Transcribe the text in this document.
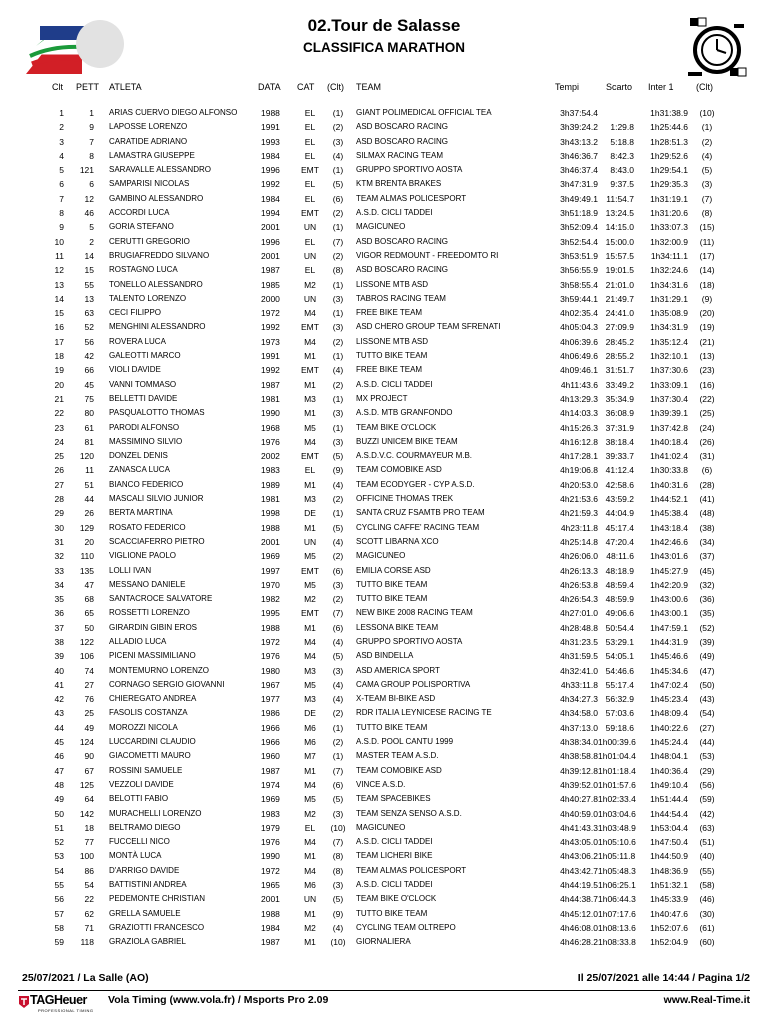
02.Tour de Salasse
CLASSIFICA MARATHON
Clt PETT ATLETA	DATA CAT (Clt) TEAM	Tempi	Scarto Inter 1 (Clt)
1	1 ARIAS CUERVO DIEGO ALFONSO	1988	EL	(1)	GIANT POLIMEDICAL OFFICIAL TEA	3h37:54.4	1h31:38.9	(10)
2	9 LAPOSSE LORENZO	1991	EL	(2)	ASD BOSCARO RACING	3h39:24.2	1:29.8	1h25:44.6	(1)
3	7 CARATIDE ADRIANO	1993	EL	(3)	ASD BOSCARO RACING	3h43:13.2	5:18.8	1h28:51.3	(2)
4	8 LAMASTRA GIUSEPPE	1984	EL	(4)	SILMAX RACING TEAM	3h46:36.7	8:42.3	1h29:52.6	(4)
5	121 SARAVALLE ALESSANDRO	1996	EMT	(1)	GRUPPO SPORTIVO AOSTA	3h46:37.4	8:43.0	1h29:54.1	(5)
6	6 SAMPARISI NICOLAS	1992	EL	(5)	KTM BRENTA BRAKES	3h47:31.9	9:37.5	1h29:35.3	(3)
7	12 GAMBINO ALESSANDRO	1984	EL	(6)	TEAM ALMAS POLICESPORT	3h49:49.1 11:54.7	1h31:19.1	(7)
8	46 ACCORDI LUCA	1994	EMT	(2)	A.S.D. CICLI TADDEI	3h51:18.9 13:24.5	1h31:20.6	(8)
9	5 GORIA STEFANO	2001	UN	(1)	MAGICUNEO	3h52:09.4 14:15.0	1h33:07.3	(15)
10	2 CERUTTI GREGORIO	1996	EL	(7)	ASD BOSCARO RACING	3h52:54.4 15:00.0	1h32:00.9	(11)
11	14 BRUGIAFREDDO SILVANO	2001	UN	(2)	VIGOR REDMOUNT - FREEDOMTO RI	3h53:51.9 15:57.5	1h34:11.1	(17)
12	15 ROSTAGNO LUCA	1987	EL	(8)	ASD BOSCARO RACING	3h56:55.9 19:01.5	1h32:24.6	(14)
13	55 TONELLO ALESSANDRO	1985	M2	(1)	LISSONE MTB ASD	3h58:55.4 21:01.0	1h34:31.6	(18)
14	13 TALENTO LORENZO	2000	UN	(3)	TABROS RACING TEAM	3h59:44.1 21:49.7	1h31:29.1	(9)
15	63 CECI FILIPPO	1972	M4	(1)	FREE BIKE TEAM	4h02:35.4 24:41.0	1h35:08.9	(20)
16	52 MENGHINI ALESSANDRO	1992	EMT	(3)	ASD CHERO GROUP TEAM SFRENATI	4h05:04.3 27:09.9	1h34:31.9	(19)
17	56 ROVERA LUCA	1973	M4	(2)	LISSONE MTB ASD	4h06:39.6 28:45.2	1h35:12.4	(21)
18	42 GALEOTTI MARCO	1991	M1	(1)	TUTTO BIKE TEAM	4h06:49.6 28:55.2	1h32:10.1	(13)
19	66 VIOLI DAVIDE	1992	EMT	(4)	FREE BIKE TEAM	4h09:46.1 31:51.7	1h37:30.6	(23)
20	45 VANNI TOMMASO	1987	M1	(2)	A.S.D. CICLI TADDEI	4h11:43.6 33:49.2	1h33:09.1	(16)
21	75 BELLETTI DAVIDE	1981	M3	(1)	MX PROJECT	4h13:29.3 35:34.9	1h37:30.4	(22)
22	80 PASQUALOTTO THOMAS	1990	M1	(3)	A.S.D. MTB GRANFONDO	4h14:03.3 36:08.9	1h39:39.1	(25)
23	61 PARODI ALFONSO	1968	M5	(1)	TEAM BIKE O'CLOCK	4h15:26.3 37:31.9	1h37:42.8	(24)
24	81 MASSIMINO SILVIO	1976	M4	(3)	BUZZI UNICEM BIKE TEAM	4h16:12.8 38:18.4	1h40:18.4	(26)
25	120 DONZEL DENIS	2002	EMT	(5)	A.S.D.V.C. COURMAYEUR M.B.	4h17:28.1 39:33.7	1h41:02.4	(31)
26	11 ZANASCA LUCA	1983	EL	(9)	TEAM COMOBIKE ASD	4h19:06.8 41:12.4	1h30:33.8	(6)
27	51 BIANCO FEDERICO	1989	M1	(4)	TEAM ECODYGER - CYP A.S.D.	4h20:53.0 42:58.6	1h40:31.6	(28)
28	44 MASCALI SILVIO JUNIOR	1981	M3	(2)	OFFICINE THOMAS TREK	4h21:53.6 43:59.2	1h44:52.1	(41)
29	26 BERTA MARTINA	1998	DE	(1)	SANTA CRUZ FSAMTB PRO TEAM	4h21:59.3 44:04.9	1h45:38.4	(48)
30	129 ROSATO FEDERICO	1988	M1	(5)	CYCLING CAFFE' RACING TEAM	4h23:11.8 45:17.4	1h43:18.4	(38)
31	20 SCACCIAFERRO PIETRO	2001	UN	(4)	SCOTT LIBARNA XCO	4h25:14.8 47:20.4	1h42:46.6	(34)
32	110 VIGLIONE PAOLO	1969	M5	(2)	MAGICUNEO	4h26:06.0 48:11.6	1h43:01.6	(37)
33	135 LOLLI IVAN	1997	EMT	(6)	EMILIA CORSE ASD	4h26:13.3 48:18.9	1h45:27.9	(45)
34	47 MESSANO DANIELE	1970	M5	(3)	TUTTO BIKE TEAM	4h26:53.8 48:59.4	1h42:20.9	(32)
35	68 SANTACROCE SALVATORE	1982	M2	(2)	TUTTO BIKE TEAM	4h26:54.3 48:59.9	1h43:00.6	(36)
36	65 ROSSETTI LORENZO	1995	EMT	(7)	NEW BIKE 2008 RACING TEAM	4h27:01.0 49:06.6	1h43:00.1	(35)
37	50 GIRARDIN GIBIN EROS	1988	M1	(6)	LESSONA BIKE TEAM	4h28:48.8 50:54.4	1h47:59.1	(52)
38	122 ALLADIO LUCA	1972	M4	(4)	GRUPPO SPORTIVO AOSTA	4h31:23.5 53:29.1	1h44:31.9	(39)
39	106 PICENI MASSIMILIANO	1976	M4	(5)	ASD BINDELLA	4h31:59.5 54:05.1	1h45:46.6	(49)
40	74 MONTEMURNO LORENZO	1980	M3	(3)	ASD AMERICA SPORT	4h32:41.0 54:46.6	1h45:34.6	(47)
41	27 CORNAGO SERGIO GIOVANNI	1967	M5	(4)	CAMA GROUP POLISPORTIVA	4h33:11.8 55:17.4	1h47:02.4	(50)
42	76 CHIEREGATO ANDREA	1977	M3	(4)	X-TEAM BI-BIKE ASD	4h34:27.3 56:32.9	1h45:23.4	(43)
43	25 FASOLIS COSTANZA	1986	DE	(2)	RDR ITALIA LEYNICESE RACING TE	4h34:58.0 57:03.6	1h48:09.4	(54)
44	49 MOROZZI NICOLA	1966	M6	(1)	TUTTO BIKE TEAM	4h37:13.0 59:18.6	1h40:22.6	(27)
45	124 LUCCARDINI CLAUDIO	1966	M6	(2)	A.S.D. POOL CANTU 1999	4h38:34.0 1h00:39.6	1h45:24.4	(44)
46	90 GIACOMETTI MAURO	1960	M7	(1)	MASTER TEAM A.S.D.	4h38:58.8 1h01:04.4	1h48:04.1	(53)
47	67 ROSSINI SAMUELE	1987	M1	(7)	TEAM COMOBIKE ASD	4h39:12.8 1h01:18.4	1h40:36.4	(29)
48	125 VEZZOLI DAVIDE	1974	M4	(6)	VINCE A.S.D.	4h39:52.0 1h01:57.6	1h49:10.4	(56)
49	64 BELOTTI FABIO	1969	M5	(5)	TEAM SPACEBIKES	4h40:27.8 1h02:33.4	1h51:44.4	(59)
50	142 MURACHELLI LORENZO	1983	M2	(3)	TEAM SENZA SENSO A.S.D.	4h40:59.0 1h03:04.6	1h44:54.4	(42)
51	18 BELTRAMO DIEGO	1979	EL	(10)	MAGICUNEO	4h41:43.3 1h03:48.9	1h53:04.4	(63)
52	77 FUCCELLI NICO	1976	M4	(7)	A.S.D. CICLI TADDEI	4h43:05.0 1h05:10.6	1h47:50.4	(51)
53	100 MONTÀ LUCA	1990	M1	(8)	TEAM LICHERI BIKE	4h43:06.2 1h05:11.8	1h44:50.9	(40)
54	86 D'ARRIGO DAVIDE	1972	M4	(8)	TEAM ALMAS POLICESPORT	4h43:42.7 1h05:48.3	1h48:36.9	(55)
55	54 BATTISTINI ANDREA	1965	M6	(3)	A.S.D. CICLI TADDEI	4h44:19.5 1h06:25.1	1h51:32.1	(58)
56	22 PEDEMONTE CHRISTIAN	2001	UN	(5)	TEAM BIKE O'CLOCK	4h44:38.7 1h06:44.3	1h45:33.9	(46)
57	62 GRELLA SAMUELE	1988	M1	(9)	TUTTO BIKE TEAM	4h45:12.0 1h07:17.6	1h40:47.6	(30)
58	71 GRAZIOTTI FRANCESCO	1984	M2	(4)	CYCLING TEAM OLTREPO	4h46:08.0 1h08:13.6	1h52:07.6	(61)
59	118 GRAZIOLA GABRIEL	1987	M1	(10)	GIORNALIERA	4h46:28.2 1h08:33.8	1h52:04.9	(60)
25/07/2021 / La Salle (AO)	Il 25/07/2021 alle 14:44 / Pagina 1/2
TAGHeuer
PROFESSIONAL TIMING
Vola Timing (www.vola.fr) / Msports Pro 2.09	www.Real-Time.it
